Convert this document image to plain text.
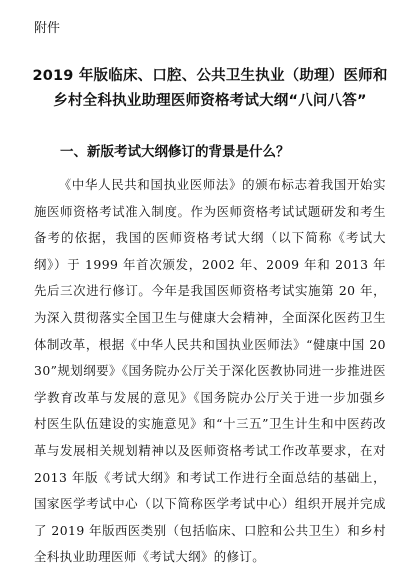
附件

2019 年版临床、口腔、公共卫生执业（助理）医师和
乡村全科执业助理医师资格考试大纲“八问八答”
一、新版考试大纲修订的背景是什么？

《中华人民共和国执业医师法》的颁布标志着我国开始实施医师资格考试准入制度。作为医师资格考试试题研发和考生备考的依据，我国的医师资格考试大纲（以下简称《考试大纲》）于 1999 年首次颁发，2002 年、2009 年和 2013 年先后三次进行修订。今年是我国医师资格考试实施第 20 年，为深入贯彻落实全国卫生与健康大会精神，全面深化医药卫生体制改革，根据《中华人民共和国执业医师法》“健康中国 2030”规划纲要》《国务院办公厅关于深化医教协同进一步推进医学教育改革与发展的意见》《国务院办公厅关于进一步加强乡村医生队伍建设的实施意见》和“十三五”卫生计生和中医药改革与发展相关规划精神以及医师资格考试工作改革要求，在对 2013 年版《考试大纲》和考试工作进行全面总结的基础上，国家医学考试中心（以下简称医学考试中心）组织开展并完成了 2019 年版西医类别（包括临床、口腔和公共卫生）和乡村全科执业助理医师《考试大纲》的修订。
